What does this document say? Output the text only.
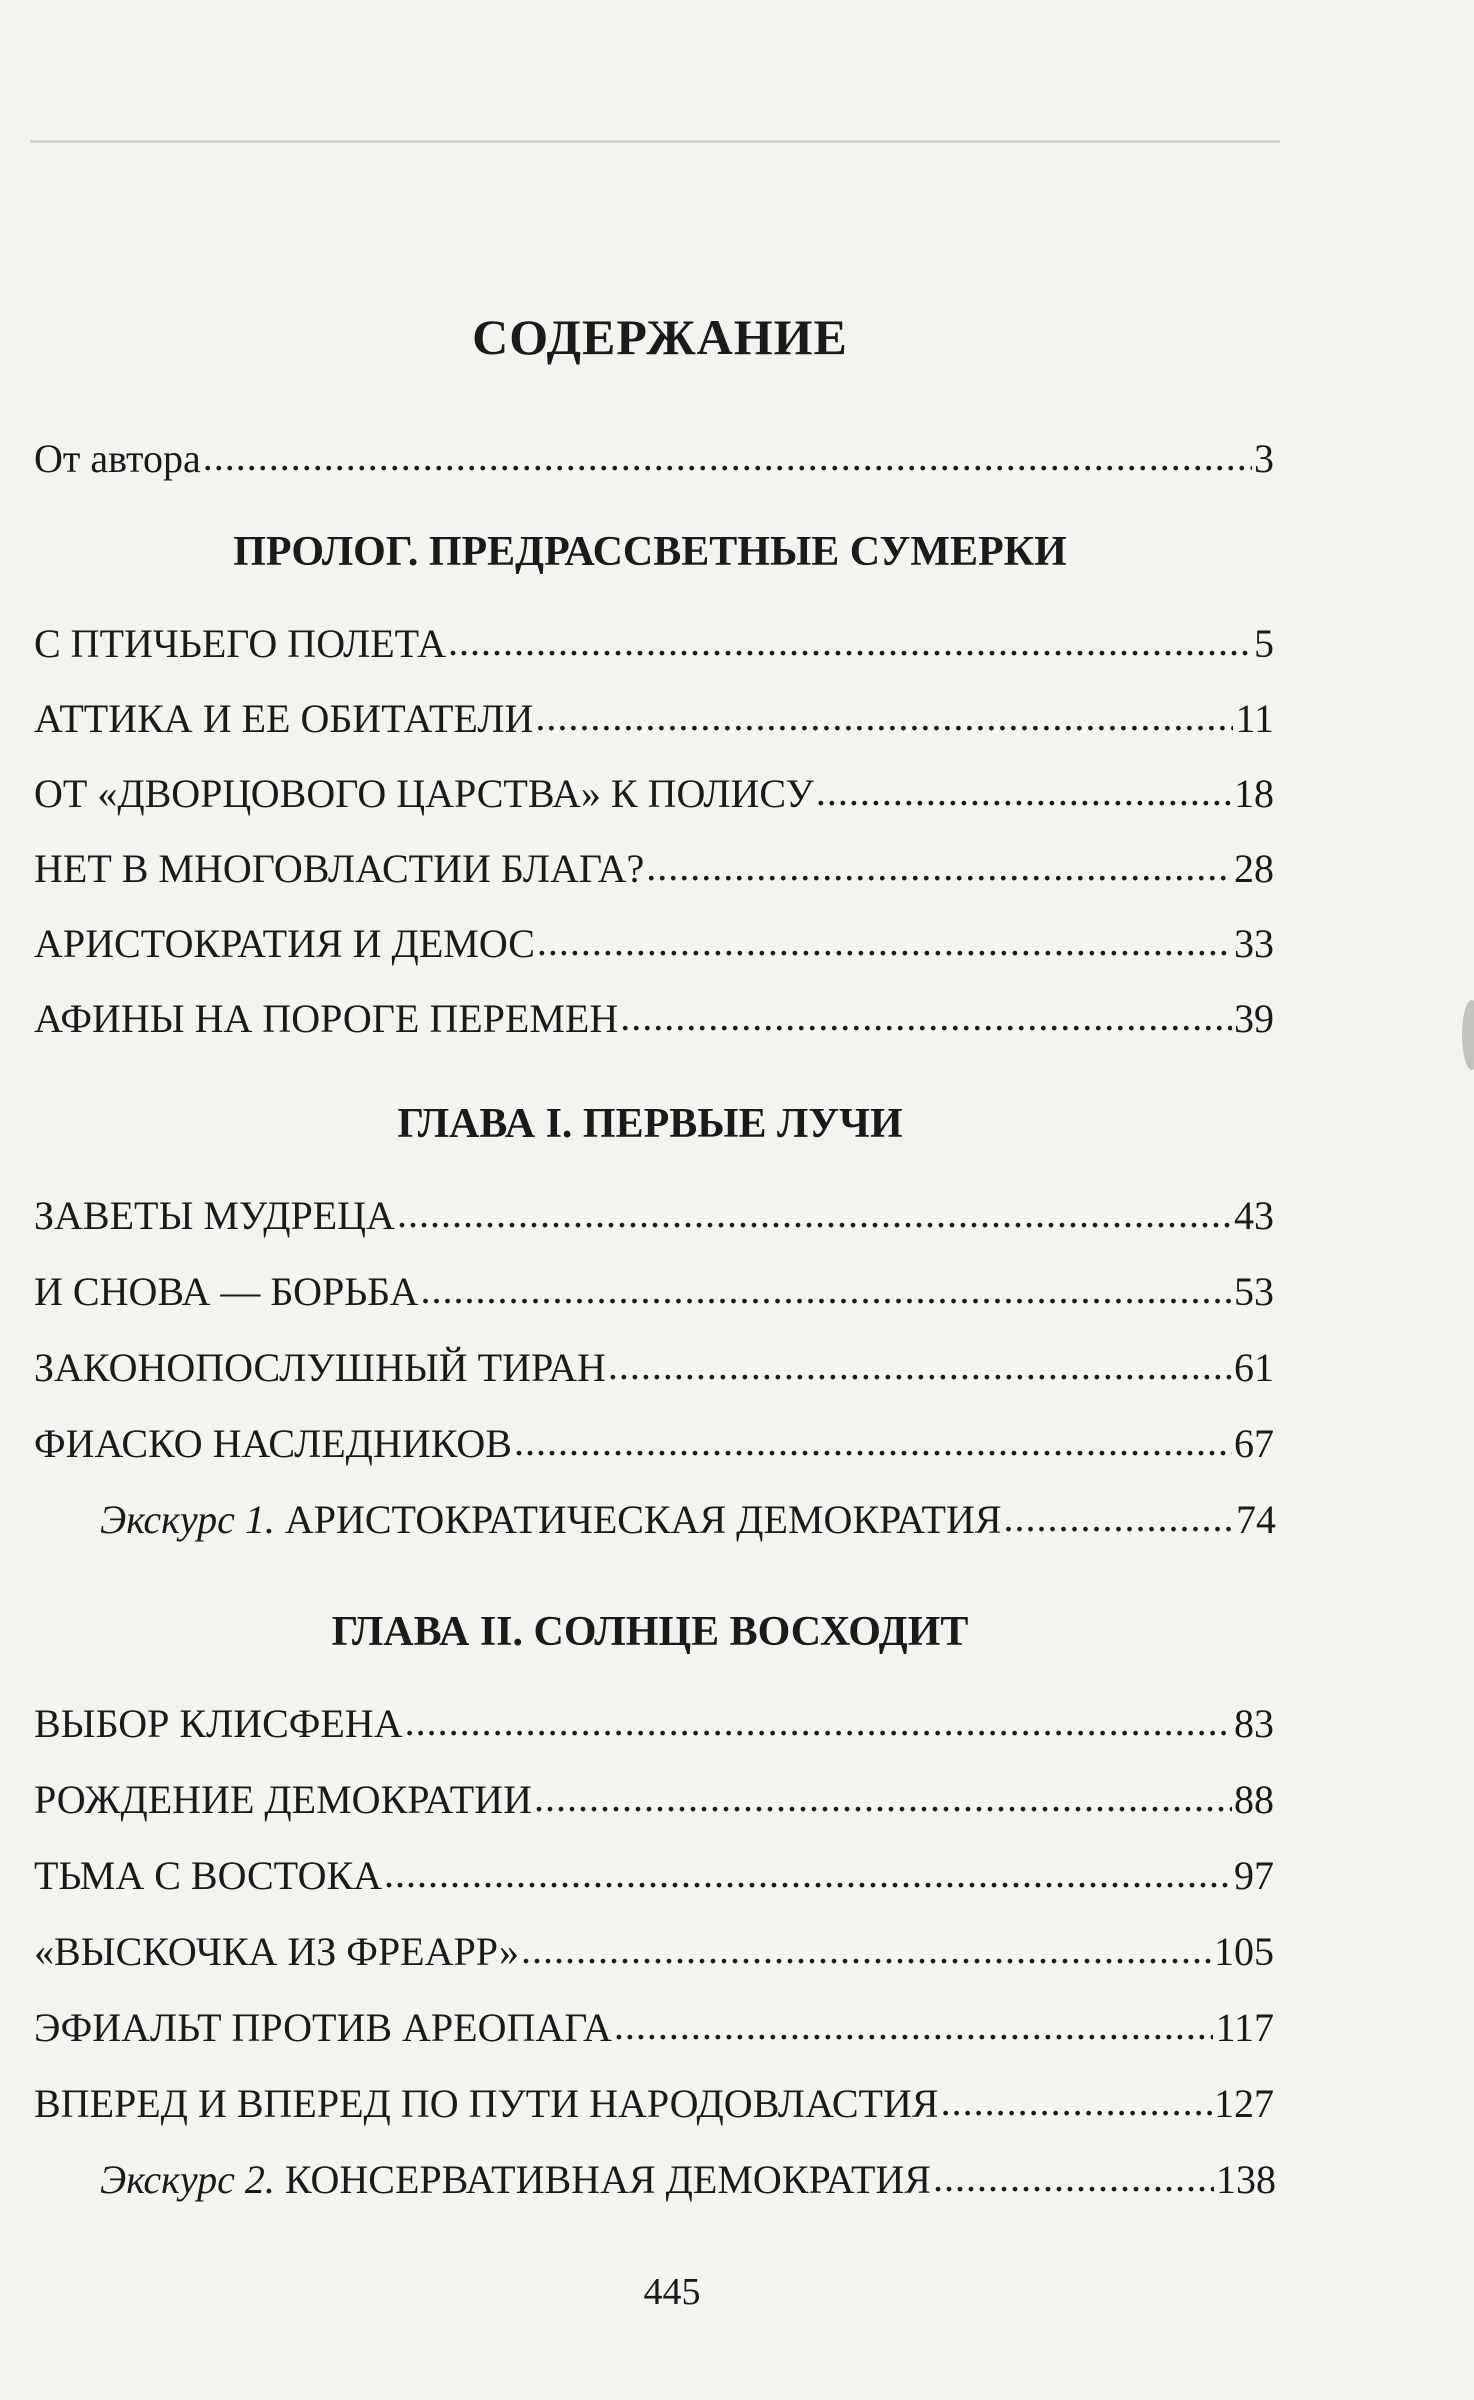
СОДЕРЖАНИЕ
От автора .....	3
ПРОЛОГ. ПРЕДРАССВЕТНЫЕ СУМЕРКИ
С ПТИЧЬЕГО ПОЛЕТА .....	5
АТТИКА И ЕЕ ОБИТАТЕЛИ .....	11
ОТ «ДВОРЦОВОГО ЦАРСТВА» К ПОЛИСУ .....	18
НЕТ В МНОГОВЛАСТИИ БЛАГА? .....	28
АРИСТОКРАТИЯ И ДЕМОС .....	33
АФИНЫ НА ПОРОГЕ ПЕРЕМЕН .....	39
ГЛАВА I. ПЕРВЫЕ ЛУЧИ
ЗАВЕТЫ МУДРЕЦА .....	43
И СНОВА — БОРЬБА .....	53
ЗАКОНОПОСЛУШНЫЙ ТИРАН .....	61
ФИАСКО НАСЛЕДНИКОВ .....	67
Экскурс 1. АРИСТОКРАТИЧЕСКАЯ ДЕМОКРАТИЯ .....	74
ГЛАВА II. СОЛНЦЕ ВОСХОДИТ
ВЫБОР КЛИСФЕНА .....	83
РОЖДЕНИЕ ДЕМОКРАТИИ .....	88
ТЬМА С ВОСТОКА .....	97
«ВЫСКОЧКА ИЗ ФРЕАРР» .....	105
ЭФИАЛЬТ ПРОТИВ АРЕОПАГА .....	117
ВПЕРЕД И ВПЕРЕД ПО ПУТИ НАРОДОВЛАСТИЯ .....	127
Экскурс 2. КОНСЕРВАТИВНАЯ ДЕМОКРАТИЯ .....	138
445
